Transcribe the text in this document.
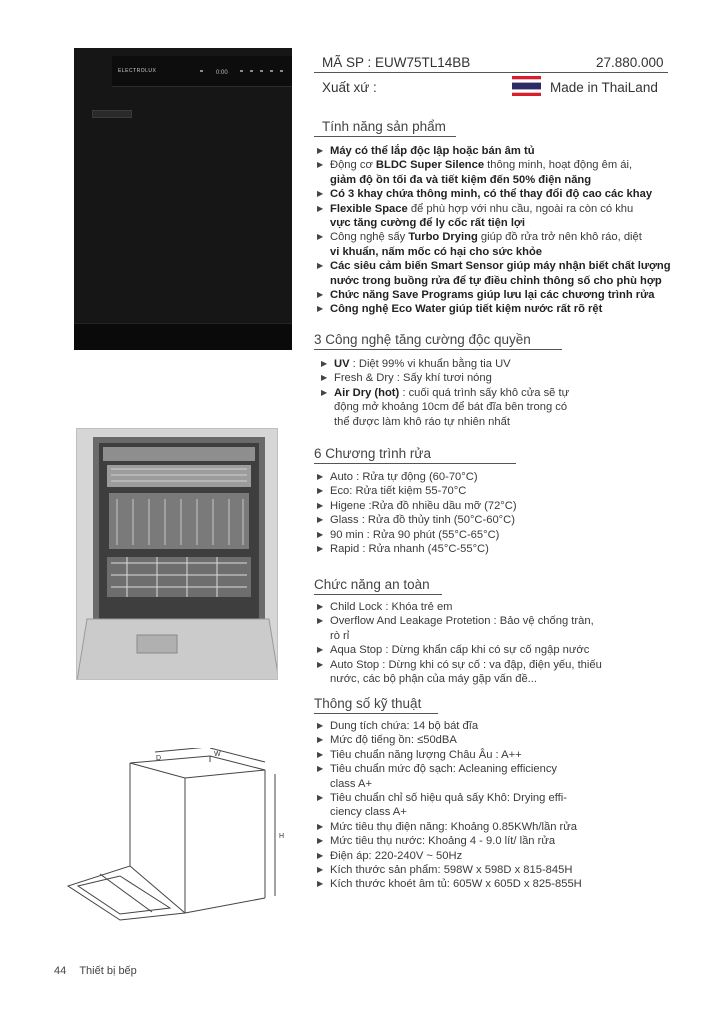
ELECTROLUX	0:00
D
W
H
MÃ SP : EUW75TL14BB	27.880.000
Xuất xứ :	Made in ThaiLand
Tính năng sản phẩm
▶ Máy có thể lắp độc lập hoặc bán âm tủ
▶ Động cơ BLDC Super Silence thông minh, hoạt động êm ái,
giảm độ ồn tối đa và tiết kiệm đến 50% điện năng
▶ Có 3 khay chứa thông minh, có thể thay đổi độ cao các khay
▶ Flexible Space để phù hợp với nhu cầu, ngoài ra còn có khu
vực tăng cường để ly cốc rất tiện lợi
▶ Công nghệ sấy Turbo Drying giúp đồ rửa trở nên khô ráo, diệt
vi khuẩn, nấm mốc có hại cho sức khỏe
▶ Các siêu cảm biến Smart Sensor giúp máy nhận biết chất lượng
nước trong buồng rửa để tự điều chỉnh thông số cho phù hợp
▶ Chức năng Save Programs giúp lưu lại các chương trình rửa
▶ Công nghệ Eco Water giúp tiết kiệm nước rất rõ rệt
3 Công nghệ tăng cường độc quyền
▶ UV : Diệt 99% vi khuẩn bằng tia UV
▶ Fresh & Dry : Sấy khí tươi nóng
▶ Air Dry (hot) : cuối quá trình sấy khô cửa sẽ tự
động mở khoảng 10cm để bát đĩa bên trong có
thể được làm khô ráo tự nhiên nhất
6 Chương trình rửa
▶ Auto : Rửa tự động (60-70°C)
▶ Eco: Rửa tiết kiệm 55-70°C
▶ Higene :Rửa đồ nhiều dầu mỡ (72°C)
▶ Glass : Rửa đồ thủy tinh (50°C-60°C)
▶ 90 min : Rửa 90 phút (55°C-65°C)
▶ Rapid : Rửa nhanh (45°C-55°C)
Chức năng an toàn
▶ Child Lock : Khóa trẻ em
▶ Overflow And Leakage Protetion : Bảo vệ chống tràn,
rò rỉ
▶ Aqua Stop : Dừng khẩn cấp khi có sự cố ngập nước
▶ Auto Stop : Dừng khi có sự cố : va đập, điện yếu, thiếu
nước, các bộ phận của máy gặp vấn đề...
Thông số kỹ thuật
▶ Dung tích chứa: 14 bộ bát đĩa
▶ Mức độ tiếng ồn: ≤50dBA
▶ Tiêu chuẩn năng lượng Châu Âu : A++
▶ Tiêu chuẩn mức độ sạch: Acleaning efficiency
class A+
▶ Tiêu chuẩn chỉ số hiệu quả sấy Khô: Drying effi-
ciency class A+
▶ Mức tiêu thụ điện năng: Khoảng 0.85KWh/lần rửa
▶ Mức tiêu thụ nước: Khoảng 4 - 9.0 lít/ lần rửa
▶ Điện áp: 220-240V ~ 50Hz
▶ Kích thước sản phẩm: 598W x 598D x 815-845H
▶ Kích thước khoét âm tủ: 605W x 605D x 825-855H
44 Thiết bị bếp
